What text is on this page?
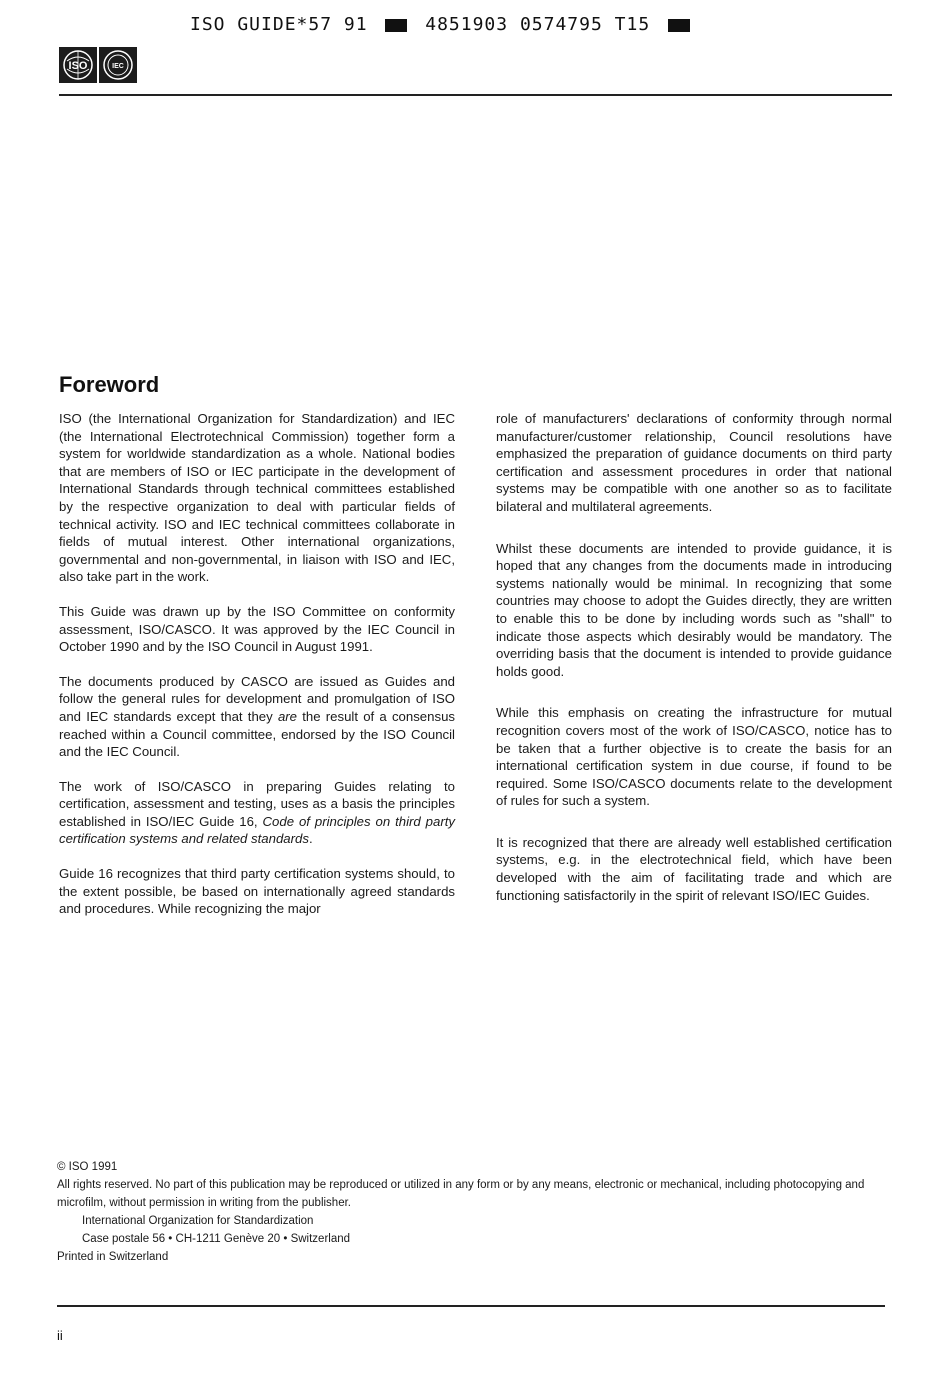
ISO GUIDE*57 91	4851903 0574795 T15
ISO	IEC
Foreword

ISO (the International Organization for Standardization) and IEC (the International Electrotechnical Commission) together form a system for worldwide standardization as a whole. National bodies that are members of ISO or IEC participate in the development of International Standards through technical committees established by the respective organization to deal with particular fields of technical activity. ISO and IEC technical committees collaborate in fields of mutual interest. Other international organizations, governmental and non-governmental, in liaison with ISO and IEC, also take part in the work.

This Guide was drawn up by the ISO Committee on conformity assessment, ISO/CASCO. It was approved by the IEC Council in October 1990 and by the ISO Council in August 1991.

The documents produced by CASCO are issued as Guides and follow the general rules for development and promulgation of ISO and IEC standards except that they are the result of a consensus reached within a Council committee, endorsed by the ISO Council and the IEC Council.

The work of ISO/CASCO in preparing Guides relating to certification, assessment and testing, uses as a basis the principles established in ISO/IEC Guide 16, Code of principles on third party certification systems and related standards.

Guide 16 recognizes that third party certification systems should, to the extent possible, be based on internationally agreed standards and procedures. While recognizing the major

role of manufacturers' declarations of conformity through normal manufacturer/customer relationship, Council resolutions have emphasized the preparation of guidance documents on third party certification and assessment procedures in order that national systems may be compatible with one another so as to facilitate bilateral and multilateral agreements.

Whilst these documents are intended to provide guidance, it is hoped that any changes from the documents made in introducing systems nationally would be minimal. In recognizing that some countries may choose to adopt the Guides directly, they are written to enable this to be done by including words such as "shall" to indicate those aspects which desirably would be mandatory. The overriding basis that the document is intended to provide guidance holds good.

While this emphasis on creating the infrastructure for mutual recognition covers most of the work of ISO/CASCO, notice has to be taken that a further objective is to create the basis for an international certification system in due course, if found to be required. Some ISO/CASCO documents relate to the development of rules for such a system.

It is recognized that there are already well established certification systems, e.g. in the electrotechnical field, which have been developed with the aim of facilitating trade and which are functioning satisfactorily in the spirit of relevant ISO/IEC Guides.

© ISO 1991
All rights reserved. No part of this publication may be reproduced or utilized in any form or by any means, electronic or mechanical, including photocopying and microfilm, without permission in writing from the publisher.
International Organization for Standardization
Case postale 56 • CH-1211 Genève 20 • Switzerland
Printed in Switzerland
ii
